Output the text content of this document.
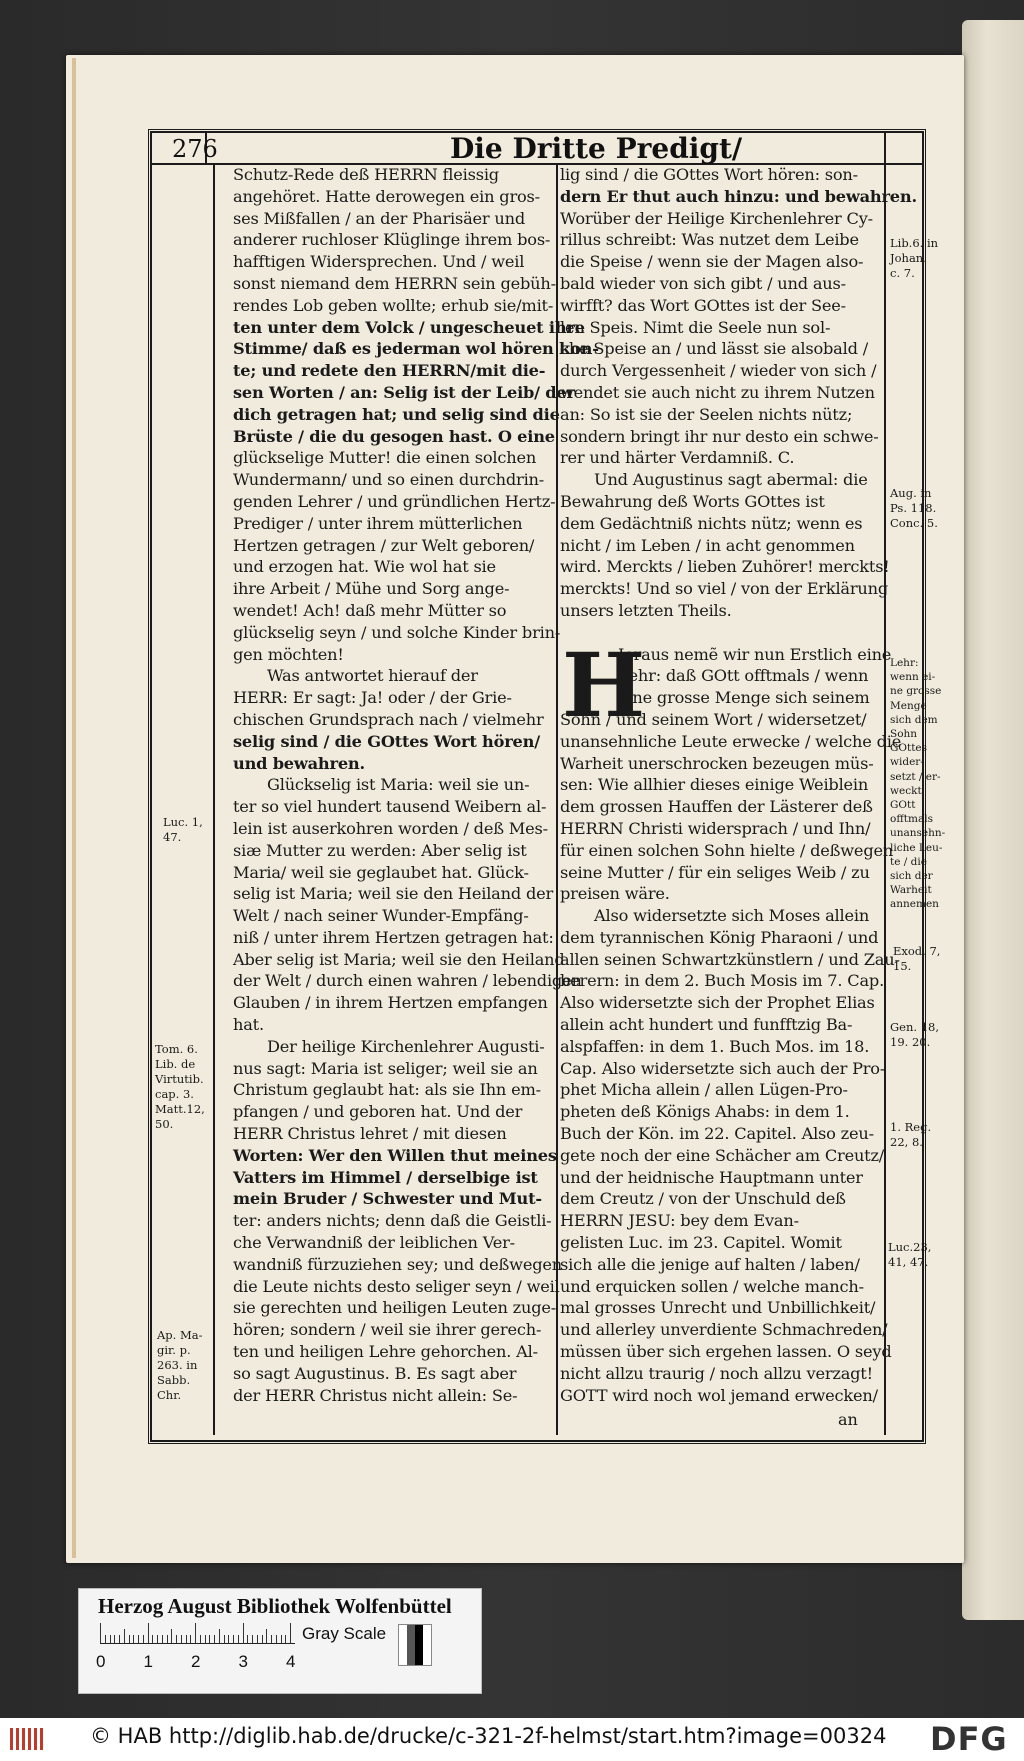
276	Die Dritte Predigt/

Schutz-Rede deß HERRN fleissig

angehöret. Hatte derowegen ein gros-

ses Mißfallen / an der Pharisäer und

anderer ruchloser Klüglinge ihrem bos-

hafftigen Widersprechen. Und / weil

sonst niemand dem HERRN sein gebüh-

rendes Lob geben wollte; erhub sie/mit-

ten unter dem Volck / ungescheuet ihre

Stimme/ daß es jederman wol hören kon-

te; und redete den HERRN/mit die-

sen Worten / an: Selig ist der Leib/ der

dich getragen hat; und selig sind die

Brüste / die du gesogen hast. O eine

glückselige Mutter! die einen solchen

Wundermann/ und so einen durchdrin-

genden Lehrer / und gründlichen Hertz-

Prediger / unter ihrem mütterlichen

Hertzen getragen / zur Welt geboren/

und erzogen hat. Wie wol hat sie

ihre Arbeit / Mühe und Sorg ange-

wendet! Ach! daß mehr Mütter so

glückselig seyn / und solche Kinder brin-

gen möchten!

Was antwortet hierauf der

HERR: Er sagt: Ja! oder / der Grie-

chischen Grundsprach nach / vielmehr

selig sind / die GOttes Wort hören/

und bewahren.

Glückselig ist Maria: weil sie un-

ter so viel hundert tausend Weibern al-

lein ist auserkohren worden / deß Mes-

siæ Mutter zu werden: Aber selig ist

Maria/ weil sie geglaubet hat. Glück-

selig ist Maria; weil sie den Heiland der

Welt / nach seiner Wunder-Empfäng-

niß / unter ihrem Hertzen getragen hat:

Aber selig ist Maria; weil sie den Heiland

der Welt / durch einen wahren / lebendigen

Glauben / in ihrem Hertzen empfangen

hat.

Der heilige Kirchenlehrer Augusti-

nus sagt: Maria ist seliger; weil sie an

Christum geglaubt hat: als sie Ihn em-

pfangen / und geboren hat. Und der

HERR Christus lehret / mit diesen

Worten: Wer den Willen thut meines

Vatters im Himmel / derselbige ist

mein Bruder / Schwester und Mut-

ter: anders nichts; denn daß die Geistli-

che Verwandniß der leiblichen Ver-

wandniß fürzuziehen sey; und deßwegen

die Leute nichts desto seliger seyn / weil

sie gerechten und heiligen Leuten zuge-

hören; sondern / weil sie ihrer gerech-

ten und heiligen Lehre gehorchen. Al-

so sagt Augustinus. B. Es sagt aber

der HERR Christus nicht allein: Se-

lig sind / die GOttes Wort hören: son-

dern Er thut auch hinzu: und bewahren.

Worüber der Heilige Kirchenlehrer Cy-

rillus schreibt: Was nutzet dem Leibe

die Speise / wenn sie der Magen also-

bald wieder von sich gibt / und aus-

wirfft? das Wort GOttes ist der See-

len Speis. Nimt die Seele nun sol-

che Speise an / und lässt sie alsobald /

durch Vergessenheit / wieder von sich /

wendet sie auch nicht zu ihrem Nutzen

an: So ist sie der Seelen nichts nütz;

sondern bringt ihr nur desto ein schwe-

rer und härter Verdamniß. C.

Und Augustinus sagt abermal: die

Bewahrung deß Worts GOttes ist

dem Gedächtniß nichts nütz; wenn es

nicht / im Leben / in acht genommen

wird. Merckts / lieben Zuhörer! merckts!

merckts! Und so viel / von der Erklärung

unsers letzten Theils.

Ieraus nemẽ wir nun Erstlich eine

Lehr: daß GOtt offtmals / wenn

eine grosse Menge sich seinem

Sohn / und seinem Wort / widersetzet/

unansehnliche Leute erwecke / welche die

Warheit unerschrocken bezeugen müs-

sen: Wie allhier dieses einige Weiblein

dem grossen Hauffen der Lästerer deß

HERRN Christi widersprach / und Ihn/

für einen solchen Sohn hielte / deßwegen

seine Mutter / für ein seliges Weib / zu

preisen wäre.

Also widersetzte sich Moses allein

dem tyrannischen König Pharaoni / und

allen seinen Schwartzkünstlern / und Zau-

berern: in dem 2. Buch Mosis im 7. Cap.

Also widersetzte sich der Prophet Elias

allein acht hundert und funfftzig Ba-

alspfaffen: in dem 1. Buch Mos. im 18.

Cap. Also widersetzte sich auch der Pro-

phet Micha allein / allen Lügen-Pro-

pheten deß Königs Ahabs: in dem 1.

Buch der Kön. im 22. Capitel. Also zeu-

gete noch der eine Schächer am Creutz/

und der heidnische Hauptmann unter

dem Creutz / von der Unschuld deß

HERRN JESU: bey dem Evan-

gelisten Luc. im 23. Capitel. Womit

sich alle die jenige auf halten / laben/

und erquicken sollen / welche manch-

mal grosses Unrecht und Unbillichkeit/

und allerley unverdiente Schmachreden/

müssen über sich ergehen lassen. O seyd

nicht allzu traurig / noch allzu verzagt!

GOTT wird noch wol jemand erwecken/

H
an
Herzog August Bibliothek Wolfenbüttel
0 1 2 3 4
Gray Scale
© HAB http://diglib.hab.de/drucke/c-321-2f-helmst/start.htm?image=00324 DFG
Luc. 1,
47.
Tom. 6.
Lib. de
Virtutib.
cap. 3.
Matt.12,
50.
Ap. Ma-
gir. p.
263. in
Sabb.
Chr.
Lib.6. in
Johan.
c. 7.
Aug. in
Ps. 118.
Conc. 5.
Lehr:
wenn ei-
ne grosse
Menge
sich dem
Sohn
GOttes
wider-
setzt / er-
weckt
GOtt
offtmals
unansehn-
liche Leu-
te / die
sich der
Warheit
annemen
Exod. 7,
15.
Gen. 18,
19. 20.
1. Reg.
22, 8.
Luc.23,
41, 47.
